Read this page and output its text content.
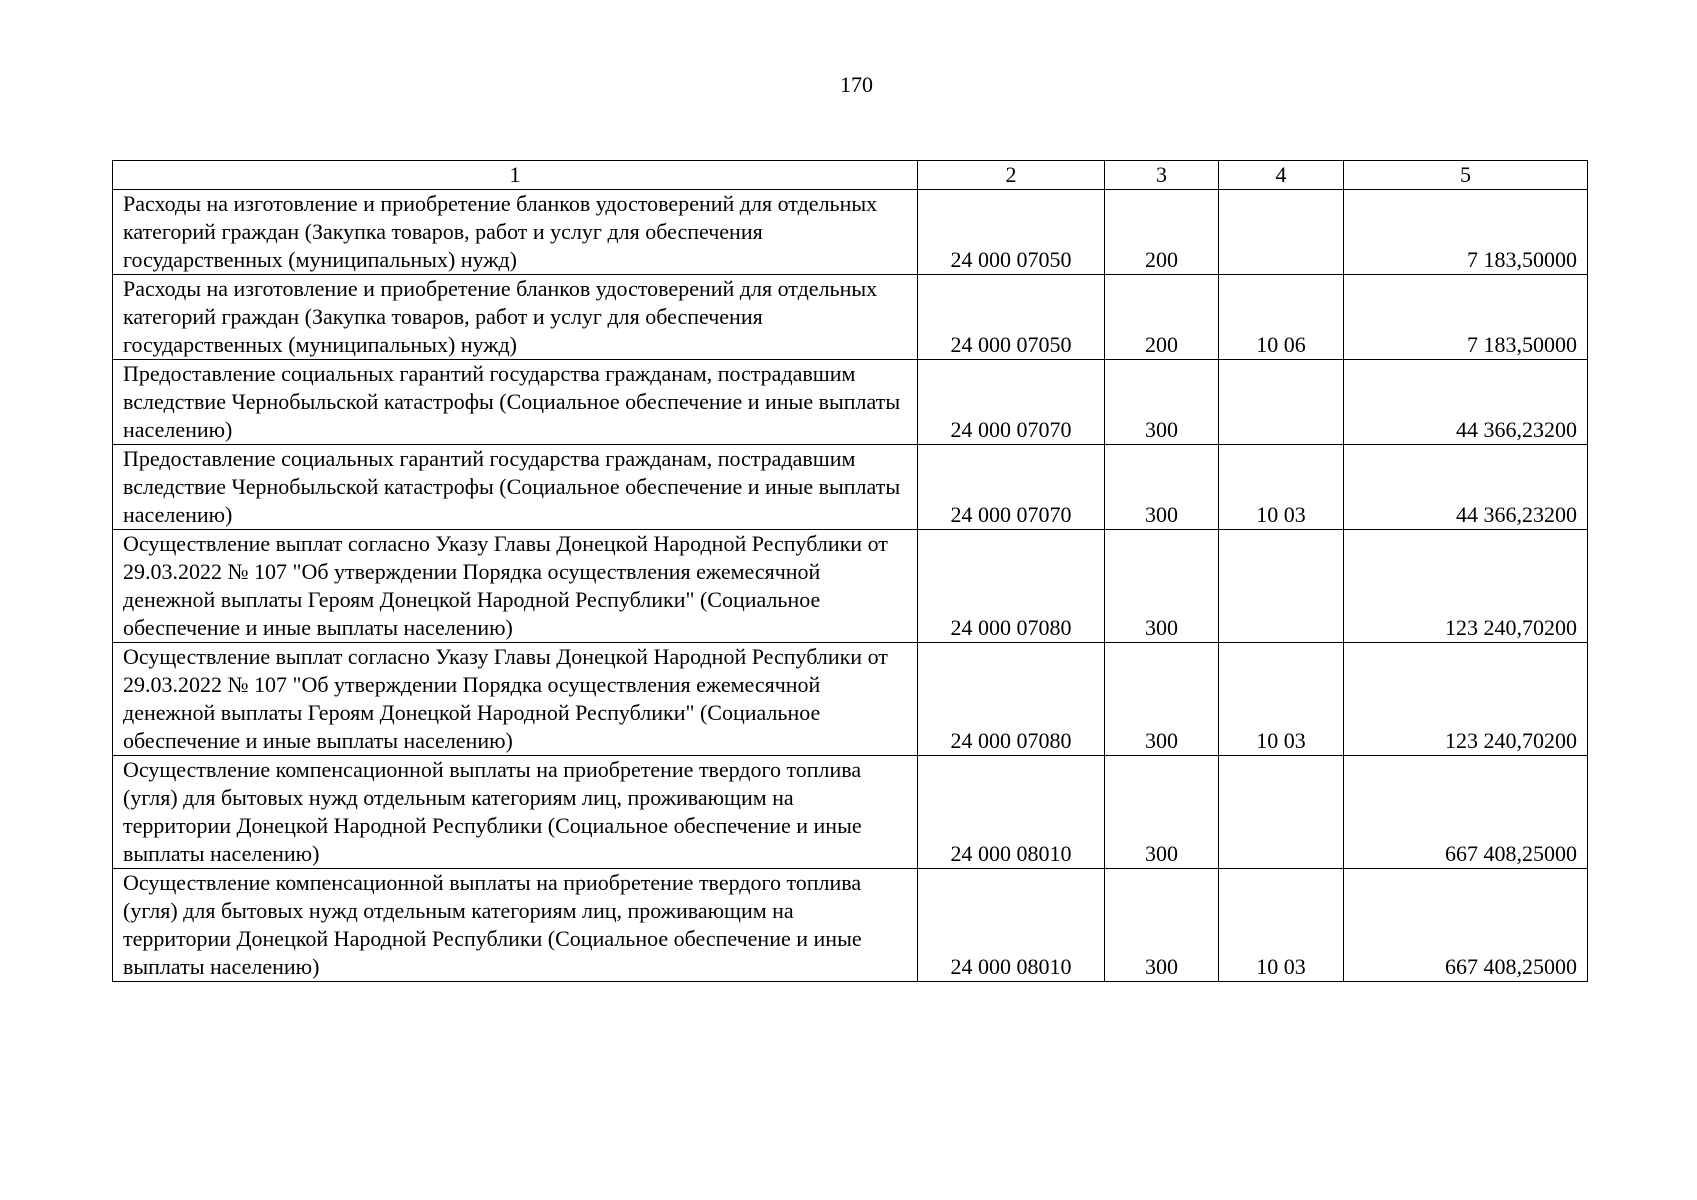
170
1	2	3	4	5
Расходы на изготовление и приобретение бланков удостоверений для отдельных категорий граждан (Закупка товаров, работ и услуг для обеспечения государственных (муниципальных) нужд)	24 000 07050	200		7 183,50000
Расходы на изготовление и приобретение бланков удостоверений для отдельных категорий граждан (Закупка товаров, работ и услуг для обеспечения государственных (муниципальных) нужд)	24 000 07050	200	10 06	7 183,50000
Предоставление социальных гарантий государства гражданам, пострадавшим вследствие Чернобыльской катастрофы (Социальное обеспечение и иные выплаты населению)	24 000 07070	300		44 366,23200
Предоставление социальных гарантий государства гражданам, пострадавшим вследствие Чернобыльской катастрофы (Социальное обеспечение и иные выплаты населению)	24 000 07070	300	10 03	44 366,23200
Осуществление выплат согласно Указу Главы Донецкой Народной Республики от 29.03.2022 № 107 "Об утверждении Порядка осуществления ежемесячной денежной выплаты Героям Донецкой Народной Республики" (Социальное обеспечение и иные выплаты населению)	24 000 07080	300		123 240,70200
Осуществление выплат согласно Указу Главы Донецкой Народной Республики от 29.03.2022 № 107 "Об утверждении Порядка осуществления ежемесячной денежной выплаты Героям Донецкой Народной Республики" (Социальное обеспечение и иные выплаты населению)	24 000 07080	300	10 03	123 240,70200
Осуществление компенсационной выплаты на приобретение твердого топлива (угля) для бытовых нужд отдельным категориям лиц, проживающим на территории Донецкой Народной Республики (Социальное обеспечение и иные выплаты населению)	24 000 08010	300		667 408,25000
Осуществление компенсационной выплаты на приобретение твердого топлива (угля) для бытовых нужд отдельным категориям лиц, проживающим на территории Донецкой Народной Республики (Социальное обеспечение и иные выплаты населению)	24 000 08010	300	10 03	667 408,25000
